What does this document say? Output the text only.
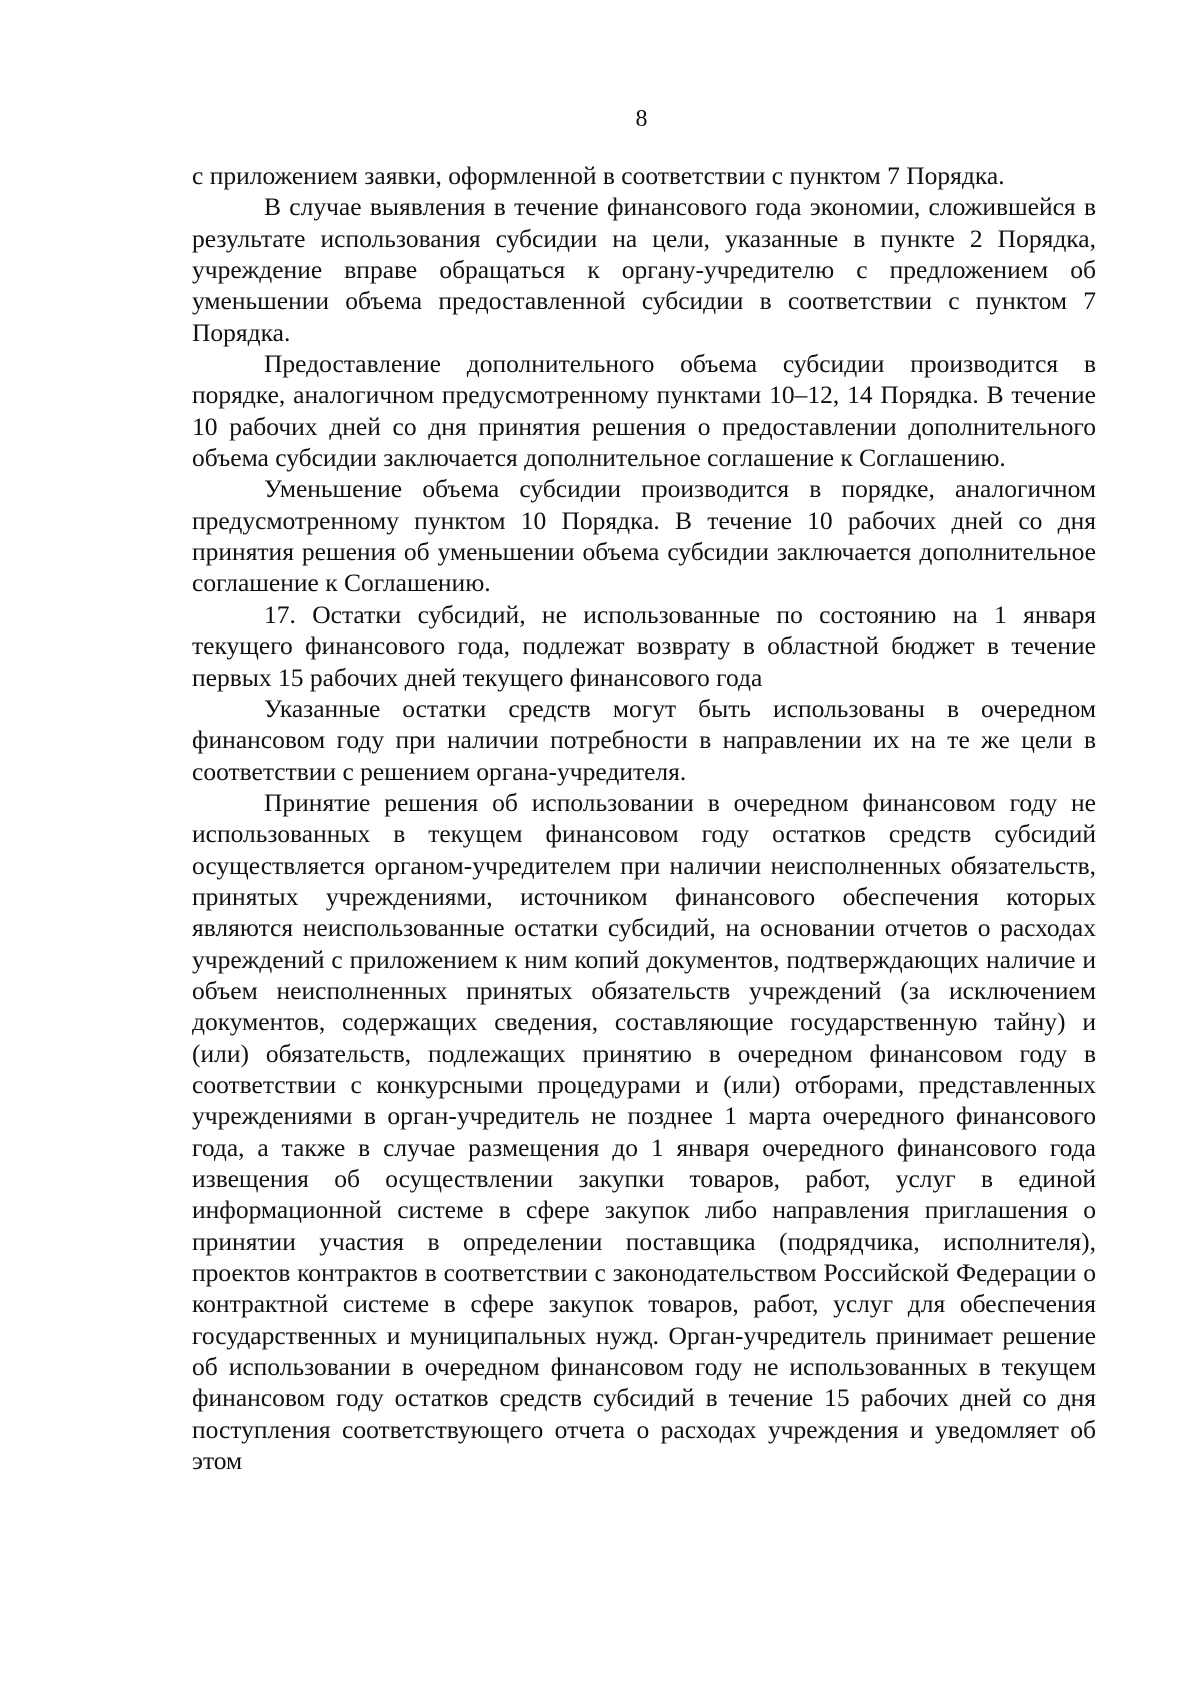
8

с приложением заявки, оформленной в соответствии с пунктом 7 Порядка.

В случае выявления в течение финансового года экономии, сложившейся в результате использования субсидии на цели, указанные в пункте 2 Порядка, учреждение вправе обращаться к органу-учредителю с предложением об уменьшении объема предоставленной субсидии в соответствии с пунктом 7 Порядка.

Предоставление дополнительного объема субсидии производится в порядке, аналогичном предусмотренному пунктами 10–12, 14 Порядка. В течение 10 рабочих дней со дня принятия решения о предоставлении дополнительного объема субсидии заключается дополнительное соглашение к Соглашению.

Уменьшение объема субсидии производится в порядке, аналогичном предусмотренному пунктом 10 Порядка. В течение 10 рабочих дней со дня принятия решения об уменьшении объема субсидии заключается дополнительное соглашение к Соглашению.

17. Остатки субсидий, не использованные по состоянию на 1 января текущего финансового года, подлежат возврату в областной бюджет в течение первых 15 рабочих дней текущего финансового года

Указанные остатки средств могут быть использованы в очередном финансовом году при наличии потребности в направлении их на те же цели в соответствии с решением органа-учредителя.

Принятие решения об использовании в очередном финансовом году не использованных в текущем финансовом году остатков средств субсидий осуществляется органом-учредителем при наличии неисполненных обязательств, принятых учреждениями, источником финансового обеспечения которых являются неиспользованные остатки субсидий, на основании отчетов о расходах учреждений с приложением к ним копий документов, подтверждающих наличие и объем неисполненных принятых обязательств учреждений (за исключением документов, содержащих сведения, составляющие государственную тайну) и (или) обязательств, подлежащих принятию в очередном финансовом году в соответствии с конкурсными процедурами и (или) отборами, представленных учреждениями в орган-учредитель не позднее 1 марта очередного финансового года, а также в случае размещения до 1 января очередного финансового года извещения об осуществлении закупки товаров, работ, услуг в единой информационной системе в сфере закупок либо направления приглашения о принятии участия в определении поставщика (подрядчика, исполнителя), проектов контрактов в соответствии с законодательством Российской Федерации о контрактной системе в сфере закупок товаров, работ, услуг для обеспечения государственных и муниципальных нужд. Орган-учредитель принимает решение об использовании в очередном финансовом году не использованных в текущем финансовом году остатков средств субсидий в течение 15 рабочих дней со дня поступления соответствующего отчета о расходах учреждения и уведомляет об этом
